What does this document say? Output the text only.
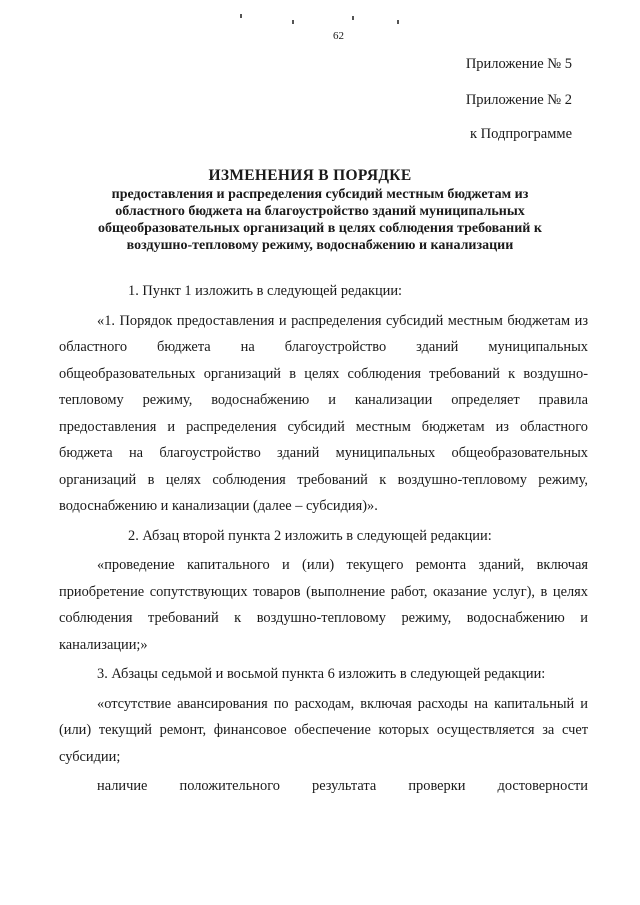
62
Приложение № 5
Приложение № 2
к Подпрограмме
ИЗМЕНЕНИЯ В ПОРЯДКЕ
предоставления и распределения субсидий местным бюджетам из областного бюджета на благоустройство зданий муниципальных общеобразовательных организаций в целях соблюдения требований к воздушно-тепловому режиму, водоснабжению и канализации

1. Пункт 1 изложить в следующей редакции:

«1. Порядок предоставления и распределения субсидий местным бюджетам из областного бюджета на благоустройство зданий муниципальных общеобразовательных организаций в целях соблюдения требований к воздушно-тепловому режиму, водоснабжению и канализации определяет правила предоставления и распределения субсидий местным бюджетам из областного бюджета на благоустройство зданий муниципальных общеобразовательных организаций в целях соблюдения требований к воздушно-тепловому режиму, водоснабжению и канализации (далее – субсидия)».

2. Абзац второй пункта 2 изложить в следующей редакции:

«проведение капитального и (или) текущего ремонта зданий, включая приобретение сопутствующих товаров (выполнение работ, оказание услуг), в целях соблюдения требований к воздушно-тепловому режиму, водоснабжению и канализации;»

3. Абзацы седьмой и восьмой пункта 6 изложить в следующей редакции:

«отсутствие авансирования по расходам, включая расходы на капитальный и (или) текущий ремонт, финансовое обеспечение которых осуществляется за счет субсидии;

наличие положительного результата проверки достоверности
